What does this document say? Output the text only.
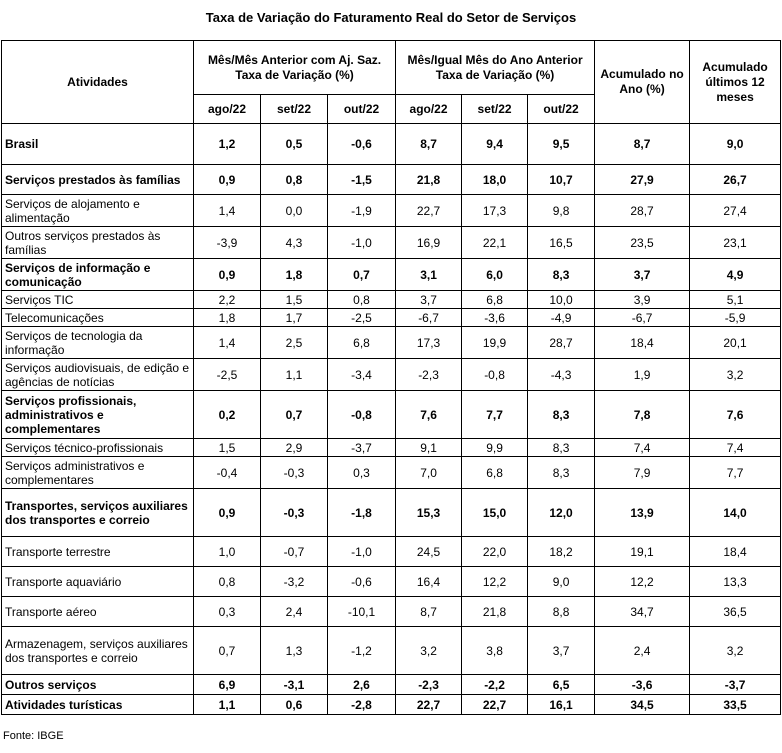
Taxa de Variação do Faturamento Real do Setor de Serviços
Atividades	Mês/Mês Anterior com Aj. Saz. Taxa de Variação (%)			Mês/Igual Mês do Ano Anterior Taxa de Variação (%)			Acumulado no Ano (%)	Acumulado últimos 12 meses
	ago/22	set/22	out/22	ago/22	set/22	out/22		
Brasil	1,2	0,5	-0,6	8,7	9,4	9,5	8,7	9,0
Serviços prestados às famílias	0,9	0,8	-1,5	21,8	18,0	10,7	27,9	26,7
Serviços de alojamento e alimentação	1,4	0,0	-1,9	22,7	17,3	9,8	28,7	27,4
Outros serviços prestados às famílias	-3,9	4,3	-1,0	16,9	22,1	16,5	23,5	23,1
Serviços de informação e comunicação	0,9	1,8	0,7	3,1	6,0	8,3	3,7	4,9
Serviços TIC	2,2	1,5	0,8	3,7	6,8	10,0	3,9	5,1
Telecomunicações	1,8	1,7	-2,5	-6,7	-3,6	-4,9	-6,7	-5,9
Serviços de tecnologia da informação	1,4	2,5	6,8	17,3	19,9	28,7	18,4	20,1
Serviços audiovisuais, de edição e agências de notícias	-2,5	1,1	-3,4	-2,3	-0,8	-4,3	1,9	3,2
Serviços profissionais, administrativos e complementares	0,2	0,7	-0,8	7,6	7,7	8,3	7,8	7,6
Serviços técnico-profissionais	1,5	2,9	-3,7	9,1	9,9	8,3	7,4	7,4
Serviços administrativos e complementares	-0,4	-0,3	0,3	7,0	6,8	8,3	7,9	7,7
Transportes, serviços auxiliares dos transportes e correio	0,9	-0,3	-1,8	15,3	15,0	12,0	13,9	14,0
Transporte terrestre	1,0	-0,7	-1,0	24,5	22,0	18,2	19,1	18,4
Transporte aquaviário	0,8	-3,2	-0,6	16,4	12,2	9,0	12,2	13,3
Transporte aéreo	0,3	2,4	-10,1	8,7	21,8	8,8	34,7	36,5
Armazenagem, serviços auxiliares dos transportes e correio	0,7	1,3	-1,2	3,2	3,8	3,7	2,4	3,2
Outros serviços	6,9	-3,1	2,6	-2,3	-2,2	6,5	-3,6	-3,7
Atividades turísticas	1,1	0,6	-2,8	22,7	22,7	16,1	34,5	33,5
Fonte: IBGE
